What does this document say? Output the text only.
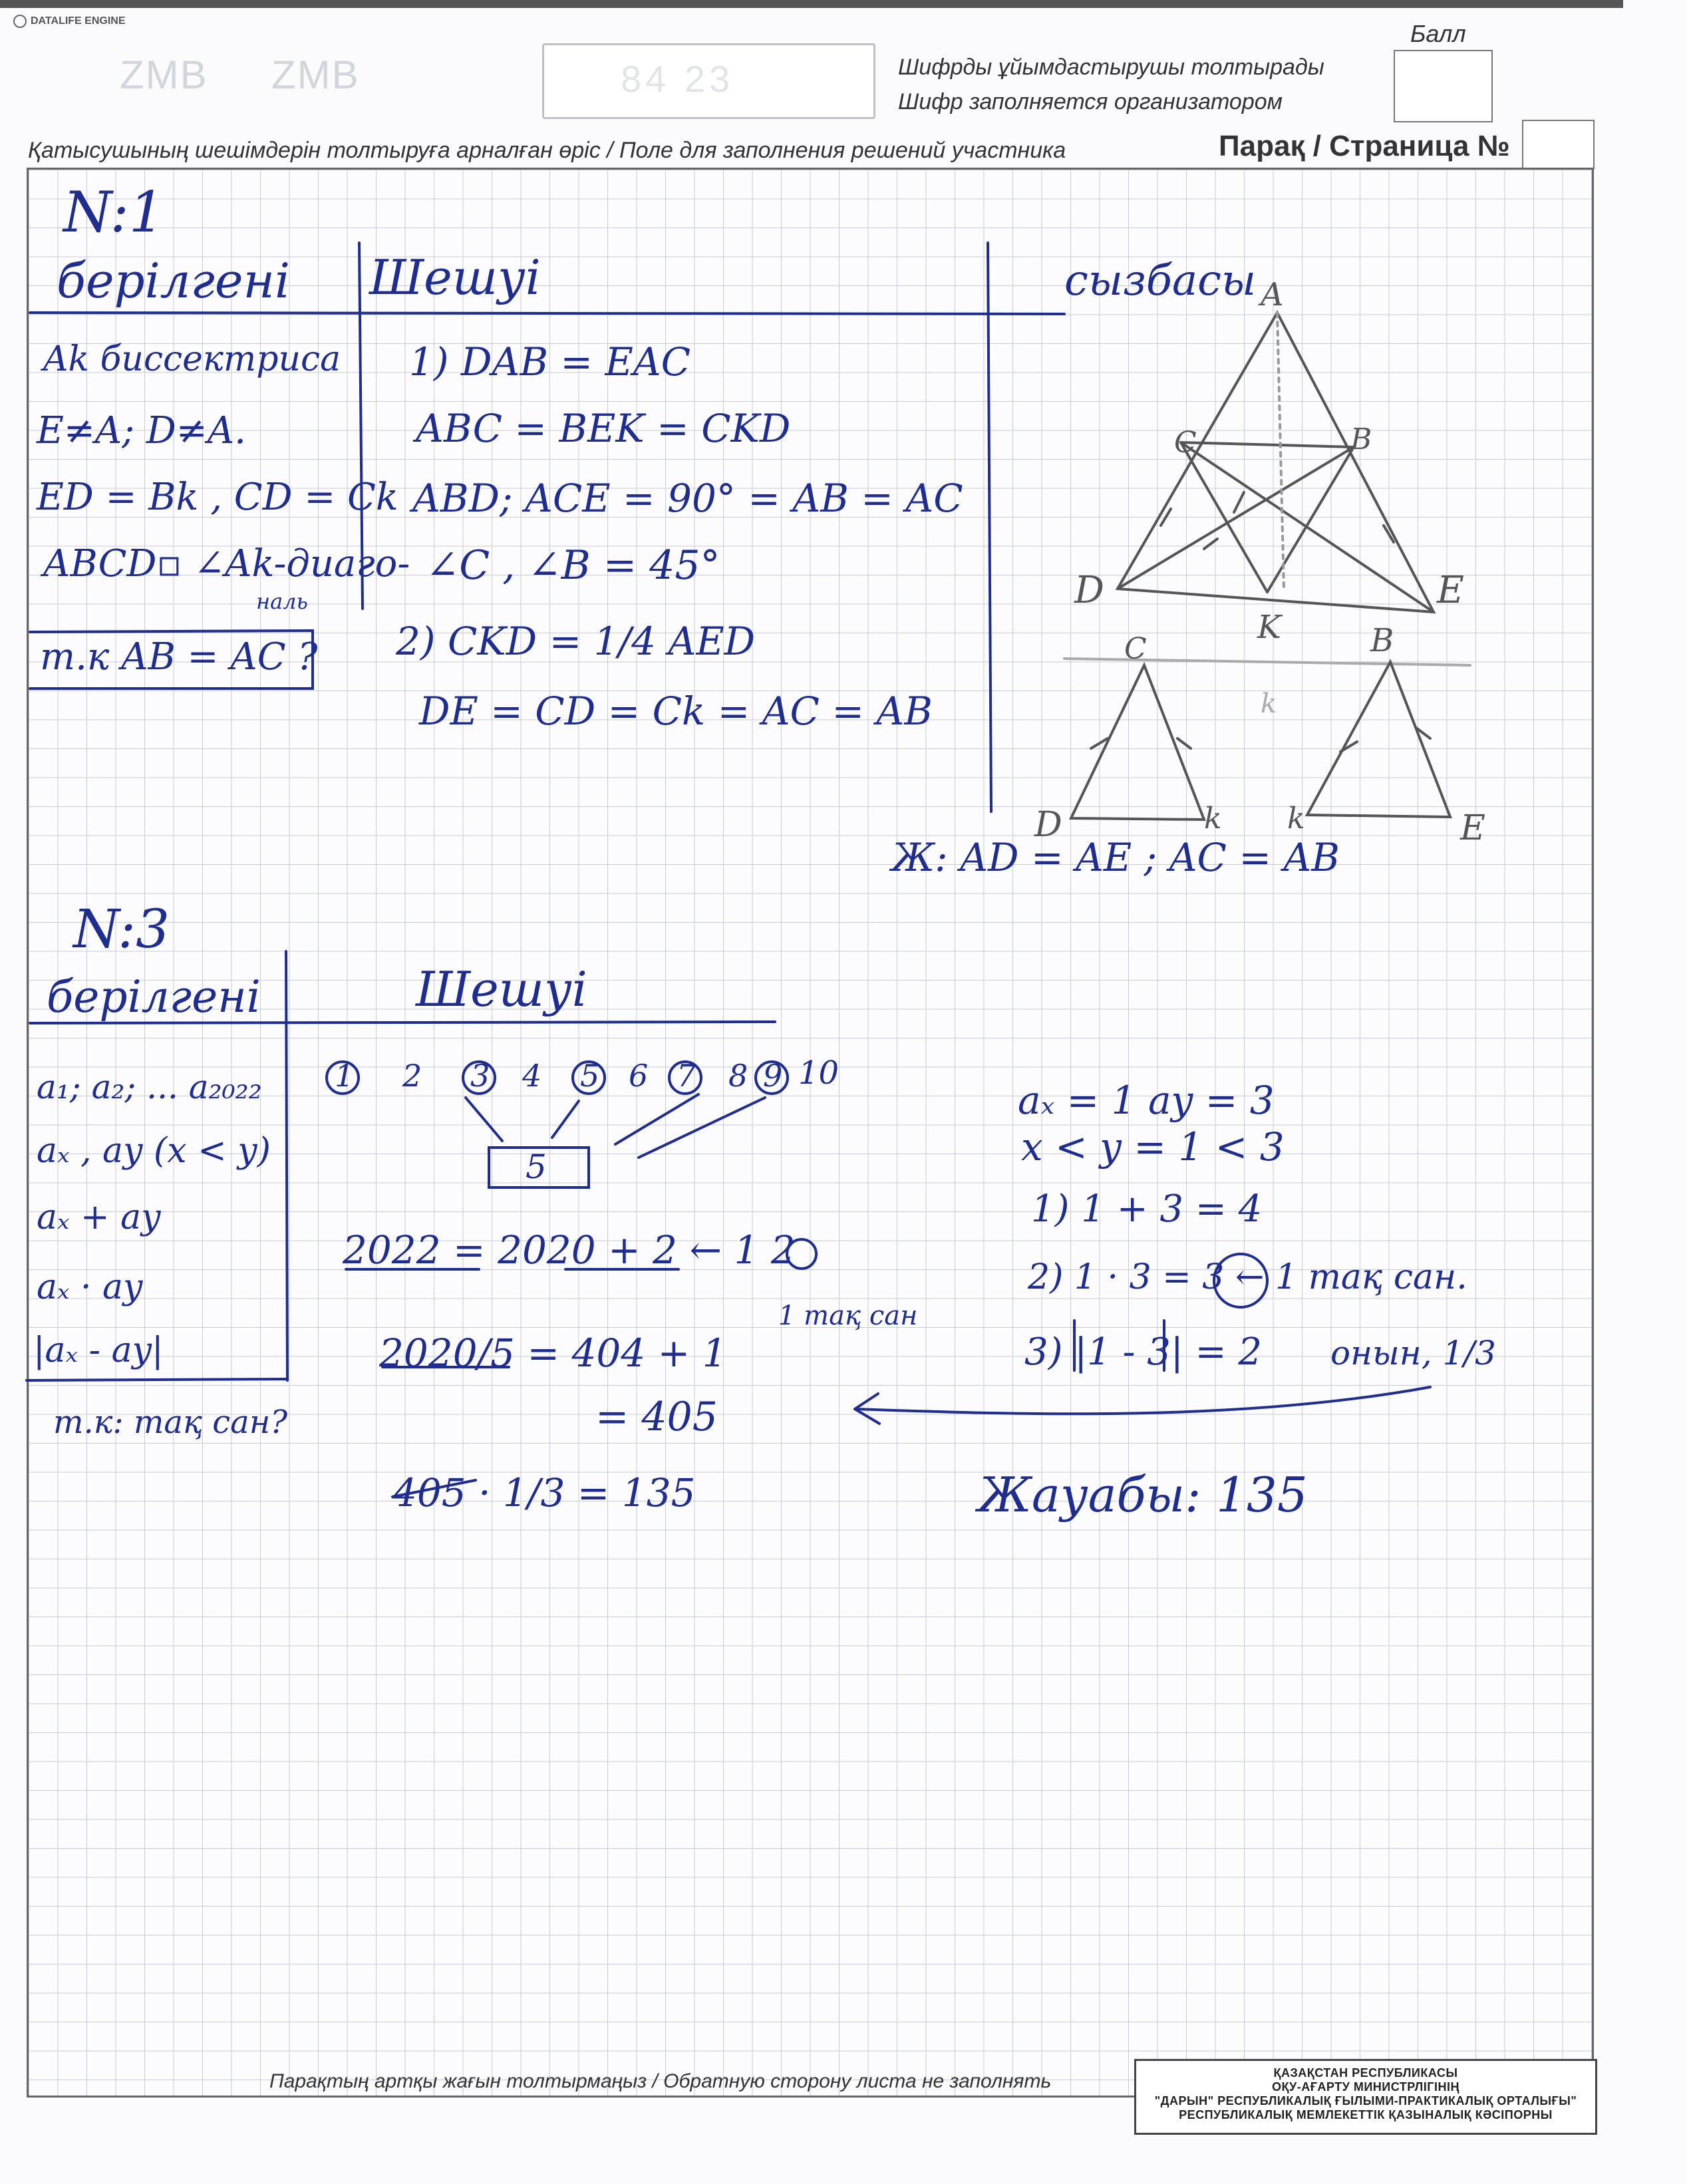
DATALIFE ENGINE
ZMB ZMB	84 23	Шифрды ұйымдастырушы толтырады
Шифр заполняется организатором
Балл
Қатысушының шешімдерін толтыруға арналған өріс / Поле для заполнения решений участника	Парақ / Страница №
N:1
берілгені Шешуі	сызбасы
Ak биссектриса
E≠A; D≠A.
ED = Bk , CD = Ck
ABCD▫ ∠Ak-диаго-
наль
т.к AB = AC ?
1) DAB = EAC
ABC = BEK = CKD
ABD; ACE = 90° = AB = AC
∠C , ∠B = 45°
2) CKD = 1/4 AED
DE = CD = Ck = AC = AB
Ж: AD = AE ; AC = AB
A
C	B
D	E
K
C	B
D	k k	E
k
N:3
берілгені	Шешуі
a₁; a₂; ... a₂₀₂₂
aₓ , ay (x < y)
aₓ + ay
aₓ · ay
|aₓ - ay|
т.к: тақ сан?
1 2 3 4 5 6 7 8 9 10
5
2022 = 2020 + 2 ← 1 2
1 тақ сан
2020/5 = 404 + 1
= 405
405 · 1/3 = 135
aₓ = 1 ay = 3
x < y = 1 < 3
1) 1 + 3 = 4
2) 1 · 3 = 3 ← 1 тақ сан.
3) |1 - 3| = 2 онын, 1/3
Жауабы: 135
Парақтың артқы жағын толтырмаңыз / Обратную сторону листа не заполнять	ҚАЗАҚСТАН РЕСПУБЛИКАСЫ
ОҚУ-АҒАРТУ МИНИСТРЛІГІНІҢ
"ДАРЫН" РЕСПУБЛИКАЛЫҚ ҒЫЛЫМИ-ПРАКТИКАЛЫҚ ОРТАЛЫҒЫ"
РЕСПУБЛИКАЛЫҚ МЕМЛЕКЕТТІК ҚАЗЫНАЛЫҚ КӘСІПОРНЫ
